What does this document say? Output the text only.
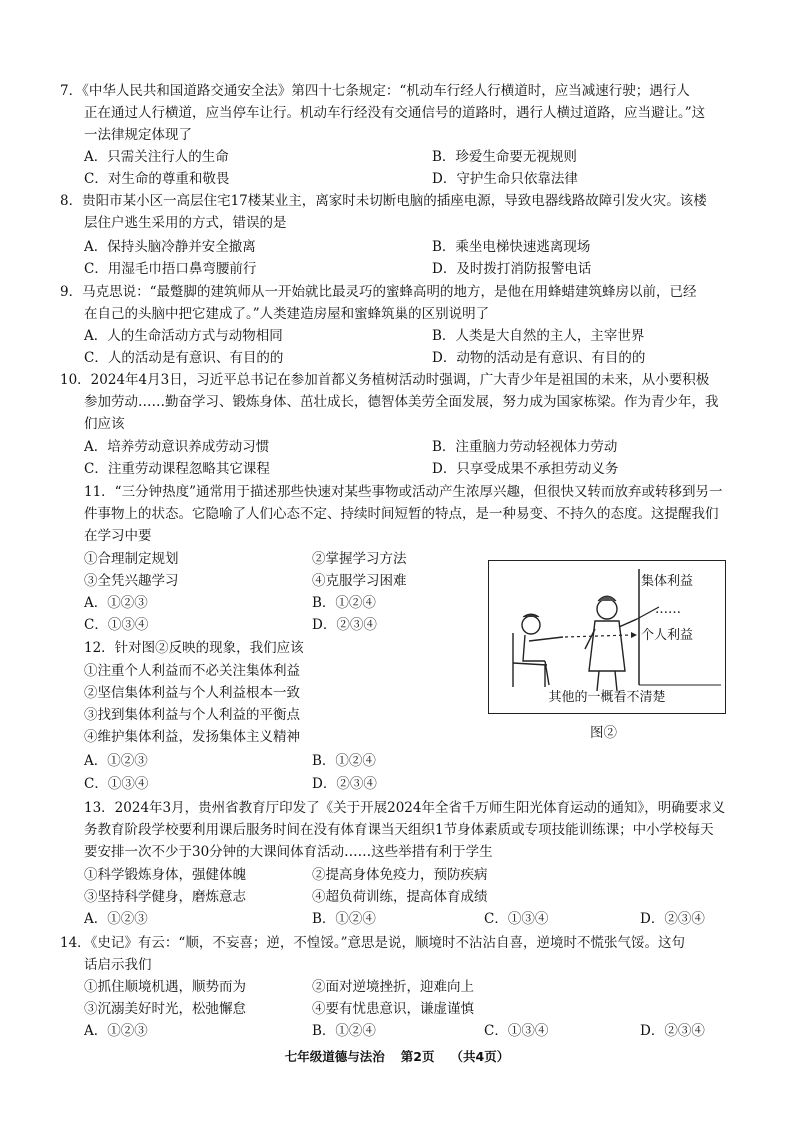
7．《中华人民共和国道路交通安全法》第四十七条规定：“机动车行经人行横道时，应当减速行驶；遇行人
正在通过人行横道，应当停车让行。机动车行经没有交通信号的道路时，遇行人横过道路，应当避让。”这
一法律规定体现了
A．只需关注行人的生命	B．珍爱生命要无视规则
C．对生命的尊重和敬畏	D．守护生命只依靠法律
8．贵阳市某小区一高层住宅17楼某业主，离家时未切断电脑的插座电源，导致电器线路故障引发火灾。该楼
层住户逃生采用的方式，错误的是
A．保持头脑冷静并安全撤离	B．乘坐电梯快速逃离现场
C．用湿毛巾捂口鼻弯腰前行	D．及时拨打消防报警电话
9．马克思说：“最蹩脚的建筑师从一开始就比最灵巧的蜜蜂高明的地方，是他在用蜂蜡建筑蜂房以前，已经
在自己的头脑中把它建成了。”人类建造房屋和蜜蜂筑巢的区别说明了
A．人的生命活动方式与动物相同	B．人类是大自然的主人，主宰世界
C．人的活动是有意识、有目的的	D．动物的活动是有意识、有目的的
10．2024年4月3日，习近平总书记在参加首都义务植树活动时强调，广大青少年是祖国的未来，从小要积极
参加劳动……勤奋学习、锻炼身体、茁壮成长，德智体美劳全面发展，努力成为国家栋梁。作为青少年，我
们应该
A．培养劳动意识养成劳动习惯	B．注重脑力劳动轻视体力劳动
C．注重劳动课程忽略其它课程	D．只享受成果不承担劳动义务
11．“三分钟热度”通常用于描述那些快速对某些事物或活动产生浓厚兴趣，但很快又转而放弃或转移到另一
件事物上的状态。它隐喻了人们心态不定、持续时间短暂的特点，是一种易变、不持久的态度。这提醒我们
在学习中要
①合理制定规划	②掌握学习方法
③全凭兴趣学习	④克服学习困难
A．①②③	B．①②④
C．①③④	D．②③④
12．针对图②反映的现象，我们应该
①注重个人利益而不必关注集体利益
②坚信集体利益与个人利益根本一致
③找到集体利益与个人利益的平衡点
④维护集体利益，发扬集体主义精神
A．①②③	B．①②④
C．①③④	D．②③④
集体利益
……
个人利益
其他的一概看不清楚
图②
13．2024年3月，贵州省教育厅印发了《关于开展2024年全省千万师生阳光体育运动的通知》，明确要求义
务教育阶段学校要利用课后服务时间在没有体育课当天组织1节身体素质或专项技能训练课；中小学校每天
要安排一次不少于30分钟的大课间体育活动……这些举措有利于学生
①科学锻炼身体，强健体魄	②提高身体免疫力，预防疾病
③坚持科学健身，磨炼意志	④超负荷训练，提高体育成绩
A．①②③	B．①②④	C．①③④	D．②③④
14．《史记》有云：“顺，不妄喜；逆，不惶馁。”意思是说，顺境时不沾沾自喜，逆境时不慌张气馁。这句
话启示我们
①抓住顺境机遇，顺势而为	②面对逆境挫折，迎难向上
③沉溺美好时光，松弛懈怠	④要有忧患意识，谦虚谨慎
A．①②③	B．①②④	C．①③④	D．②③④
七年级道德与法治 第2页 （共4页）
